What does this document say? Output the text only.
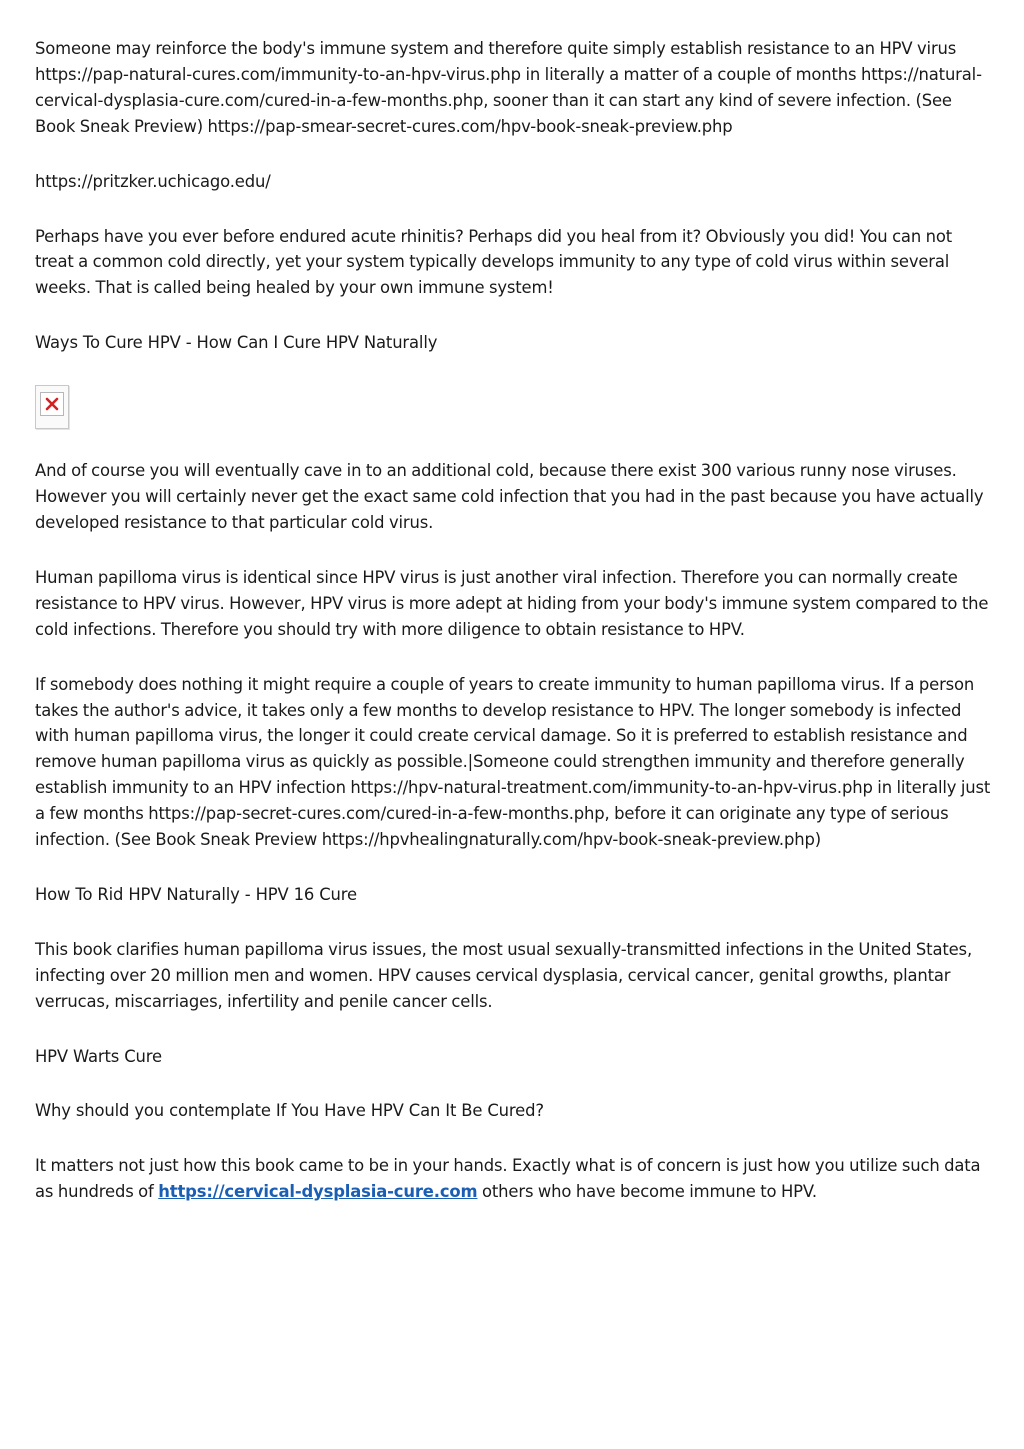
Someone may reinforce the body's immune system and therefore quite simply establish resistance to an HPV virus https://pap-natural-cures.com/immunity-to-an-hpv-virus.php in literally a matter of a couple of months https://natural-cervical-dysplasia-cure.com/cured-in-a-few-months.php, sooner than it can start any kind of severe infection. (See Book Sneak Preview) https://pap-smear-secret-cures.com/hpv-book-sneak-preview.php

https://pritzker.uchicago.edu/

Perhaps have you ever before endured acute rhinitis? Perhaps did you heal from it? Obviously you did! You can not treat a common cold directly, yet your system typically develops immunity to any type of cold virus within several weeks. That is called being healed by your own immune system!

Ways To Cure HPV - How Can I Cure HPV Naturally

And of course you will eventually cave in to an additional cold, because there exist 300 various runny nose viruses. However you will certainly never get the exact same cold infection that you had in the past because you have actually developed resistance to that particular cold virus.

Human papilloma virus is identical since HPV virus is just another viral infection. Therefore you can normally create resistance to HPV virus. However, HPV virus is more adept at hiding from your body's immune system compared to the cold infections. Therefore you should try with more diligence to obtain resistance to HPV.

If somebody does nothing it might require a couple of years to create immunity to human papilloma virus. If a person takes the author's advice, it takes only a few months to develop resistance to HPV. The longer somebody is infected with human papilloma virus, the longer it could create cervical damage. So it is preferred to establish resistance and remove human papilloma virus as quickly as possible.|Someone could strengthen immunity and therefore generally establish immunity to an HPV infection https://hpv-natural-treatment.com/immunity-to-an-hpv-virus.php in literally just a few months https://pap-secret-cures.com/cured-in-a-few-months.php, before it can originate any type of serious infection. (See Book Sneak Preview https://hpvhealingnaturally.com/hpv-book-sneak-preview.php)

How To Rid HPV Naturally - HPV 16 Cure

This book clarifies human papilloma virus issues, the most usual sexually-transmitted infections in the United States, infecting over 20 million men and women. HPV causes cervical dysplasia, cervical cancer, genital growths, plantar verrucas, miscarriages, infertility and penile cancer cells.

HPV Warts Cure

Why should you contemplate If You Have HPV Can It Be Cured?

It matters not just how this book came to be in your hands. Exactly what is of concern is just how you utilize such data as hundreds of https://cervical-dysplasia-cure.com others who have become immune to HPV.
